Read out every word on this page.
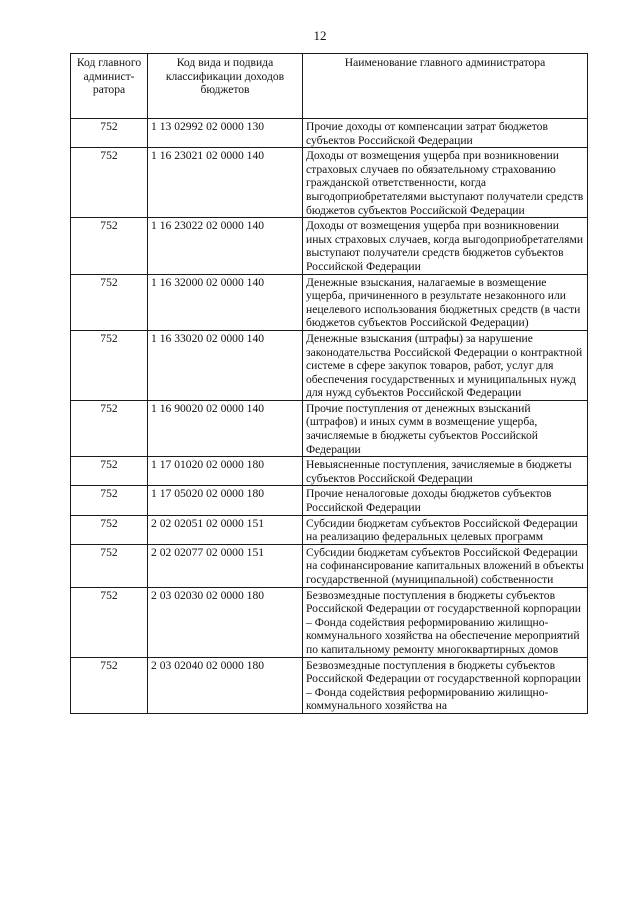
12
Код главного админист-ратора	Код вида и подвида классификации доходов бюджетов	Наименование главного администратора
752	1 13 02992 02 0000 130	Прочие доходы от компенсации затрат бюджетов субъектов Российской Федерации
752	1 16 23021 02 0000 140	Доходы от возмещения ущерба при возникновении страховых случаев по обязательному страхованию гражданской ответственности, когда выгодоприобретателями выступают получатели средств бюджетов субъектов Российской Федерации
752	1 16 23022 02 0000 140	Доходы от возмещения ущерба при возникновении иных страховых случаев, когда выгодоприобретателями выступают получатели средств бюджетов субъектов Российской Федерации
752	1 16 32000 02 0000 140	Денежные взыскания, налагаемые в возмещение ущерба, причиненного в результате незаконного или нецелевого использования бюджетных средств (в части бюджетов субъектов Российской Федерации)
752	1 16 33020 02 0000 140	Денежные взыскания (штрафы) за нарушение законодательства Российской Федерации о контрактной системе в сфере закупок товаров, работ, услуг для обеспечения государственных и муниципальных нужд для нужд субъектов Российской Федерации
752	1 16 90020 02 0000 140	Прочие поступления от денежных взысканий (штрафов) и иных сумм в возмещение ущерба, зачисляемые в бюджеты субъектов Российской Федерации
752	1 17 01020 02 0000 180	Невыясненные поступления, зачисляемые в бюджеты субъектов Российской Федерации
752	1 17 05020 02 0000 180	Прочие неналоговые доходы бюджетов субъектов Российской Федерации
752	2 02 02051 02 0000 151	Субсидии бюджетам субъектов Российской Федерации на реализацию федеральных целевых программ
752	2 02 02077 02 0000 151	Субсидии бюджетам субъектов Российской Федерации на софинансирование капитальных вложений в объекты государственной (муниципальной) собственности
752	2 03 02030 02 0000 180	Безвозмездные поступления в бюджеты субъектов Российской Федерации от государственной корпорации – Фонда содействия реформированию жилищно-коммунального хозяйства на обеспечение мероприятий по капитальному ремонту многоквартирных домов
752	2 03 02040 02 0000 180	Безвозмездные поступления в бюджеты субъектов Российской Федерации от государственной корпорации – Фонда содействия реформированию жилищно-коммунального хозяйства на
